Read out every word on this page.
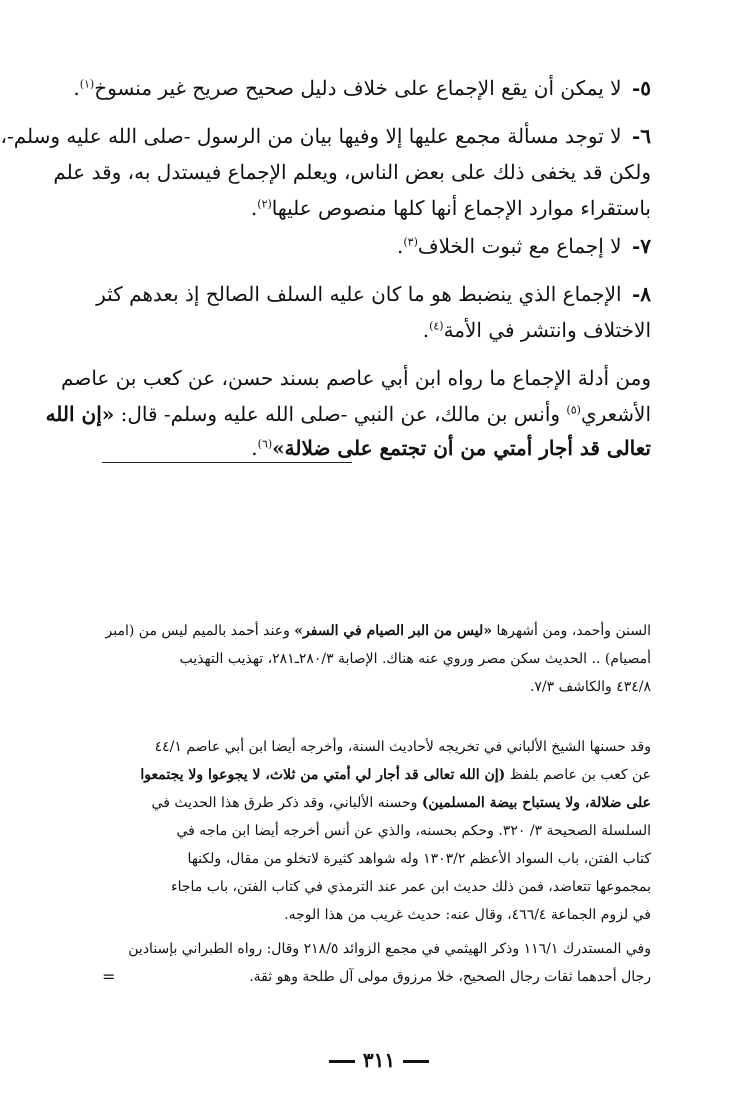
٥- لا يمكن أن يقع الإجماع على خلاف دليل صحيح صريح غير منسوخ$^{(١)}$.
٦- لا توجد مسألة مجمع عليها إلا وفيها بيان من الرسول -صلى الله عليه وسلم-،
ولكن قد يخفى ذلك على بعض الناس، ويعلم الإجماع فيستدل به، وقد علم
باستقراء موارد الإجماع أنها كلها منصوص عليها$^{(٢)}$.
٧- لا إجماع مع ثبوت الخلاف$^{(٣)}$.
٨- الإجماع الذي ينضبط هو ما كان عليه السلف الصالح إذ بعدهم كثر
الاختلاف وانتشر في الأمة$^{(٤)}$.
ومن أدلة الإجماع ما رواه ابن أبي عاصم بسند حسن، عن كعب بن عاصم
الأشعري$^{(٥)}$ وأنس بن مالك، عن النبي -صلى الله عليه وسلم- قال: «إن الله
تعالى قد أجار أمتي من أن تجتمع على ضلالة»$^{(٦)}$.
السنن وأحمد، ومن أشهرها «ليس من البر الصيام في السفر» وعند أحمد بالميم ليس من (امبر
أمصيام) .. الحديث سكن مصر وروي عنه هناك. الإصابة ٢٨٠/٣ـ٢٨١، تهذيب التهذيب
٤٣٤/٨ والكاشف ٧/٣.
وقد حسنها الشيخ الألباني في تخريجه لأحاديث السنة، وأخرجه أيضا ابن أبي عاصم ٤٤/١
عن كعب بن عاصم بلفظ (إن الله تعالى قد أجار لي أمتي من ثلاث، لا يجوعوا ولا يجتمعوا
على ضلالة، ولا يستباح بيضة المسلمين) وحسنه الألباني، وقد ذكر طرق هذا الحديث في
السلسلة الصحيحة ٣/ ٣٢٠. وحكم بحسنه، والذي عن أنس أخرجه أيضا ابن ماجه في
كتاب الفتن، باب السواد الأعظم ١٣٠٣/٢ وله شواهد كثيرة لاتخلو من مقال، ولكنها
بمجموعها تتعاضد، فمن ذلك حديث ابن عمر عند الترمذي في كتاب الفتن، باب ماجاء
في لزوم الجماعة ٤٦٦/٤، وقال عنه: حديث غريب من هذا الوجه.
وفي المستدرك ١١٦/١ وذكر الهيثمي في مجمع الزوائد ٢١٨/٥ وقال: رواه الطبراني بإسنادين
رجال أحدهما ثقات رجال الصحيح، خلا مرزوق مولى آل طلحة وهو ثقة.
=
٣١١
